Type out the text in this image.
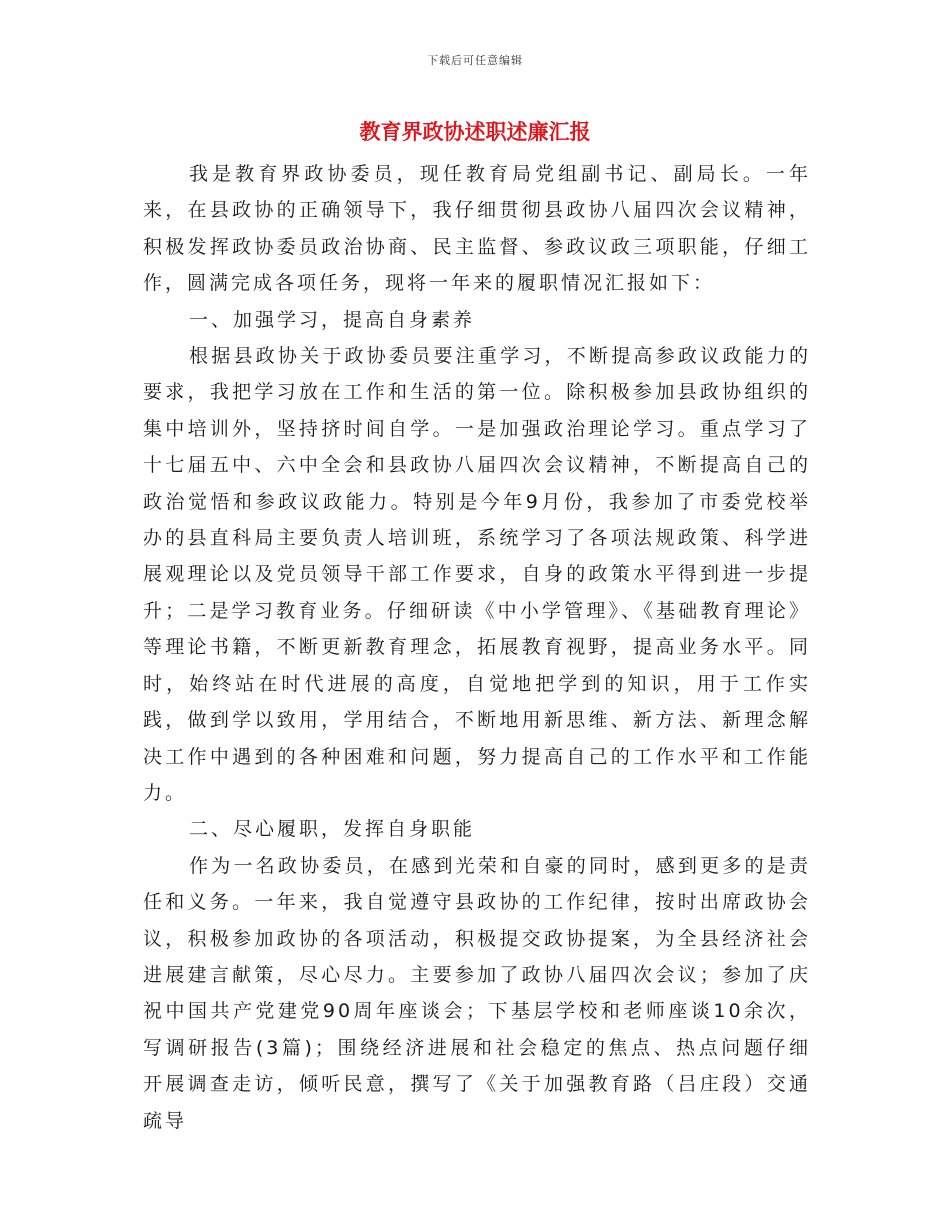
下载后可任意编辑
教育界政协述职述廉汇报

我是教育界政协委员，现任教育局党组副书记、副局长。一年来，在县政协的正确领导下，我仔细贯彻县政协八届四次会议精神，积极发挥政协委员政治协商、民主监督、参政议政三项职能，仔细工作，圆满完成各项任务，现将一年来的履职情况汇报如下：

一、加强学习，提高自身素养

根据县政协关于政协委员要注重学习，不断提高参政议政能力的要求，我把学习放在工作和生活的第一位。除积极参加县政协组织的集中培训外，坚持挤时间自学。一是加强政治理论学习。重点学习了十七届五中、六中全会和县政协八届四次会议精神，不断提高自己的政治觉悟和参政议政能力。特别是今年9月份，我参加了市委党校举办的县直科局主要负责人培训班，系统学习了各项法规政策、科学进展观理论以及党员领导干部工作要求，自身的政策水平得到进一步提升；二是学习教育业务。仔细研读《中小学管理》、《基础教育理论》等理论书籍，不断更新教育理念，拓展教育视野，提高业务水平。同时，始终站在时代进展的高度，自觉地把学到的知识，用于工作实践，做到学以致用，学用结合，不断地用新思维、新方法、新理念解决工作中遇到的各种困难和问题，努力提高自己的工作水平和工作能力。

二、尽心履职，发挥自身职能

作为一名政协委员，在感到光荣和自豪的同时，感到更多的是责任和义务。一年来，我自觉遵守县政协的工作纪律，按时出席政协会议，积极参加政协的各项活动，积极提交政协提案，为全县经济社会进展建言献策，尽心尽力。主要参加了政协八届四次会议；参加了庆祝中国共产党建党90周年座谈会；下基层学校和老师座谈10余次，写调研报告(3篇)；围绕经济进展和社会稳定的焦点、热点问题仔细开展调查走访，倾听民意，撰写了《关于加强教育路（吕庄段）交通疏导
